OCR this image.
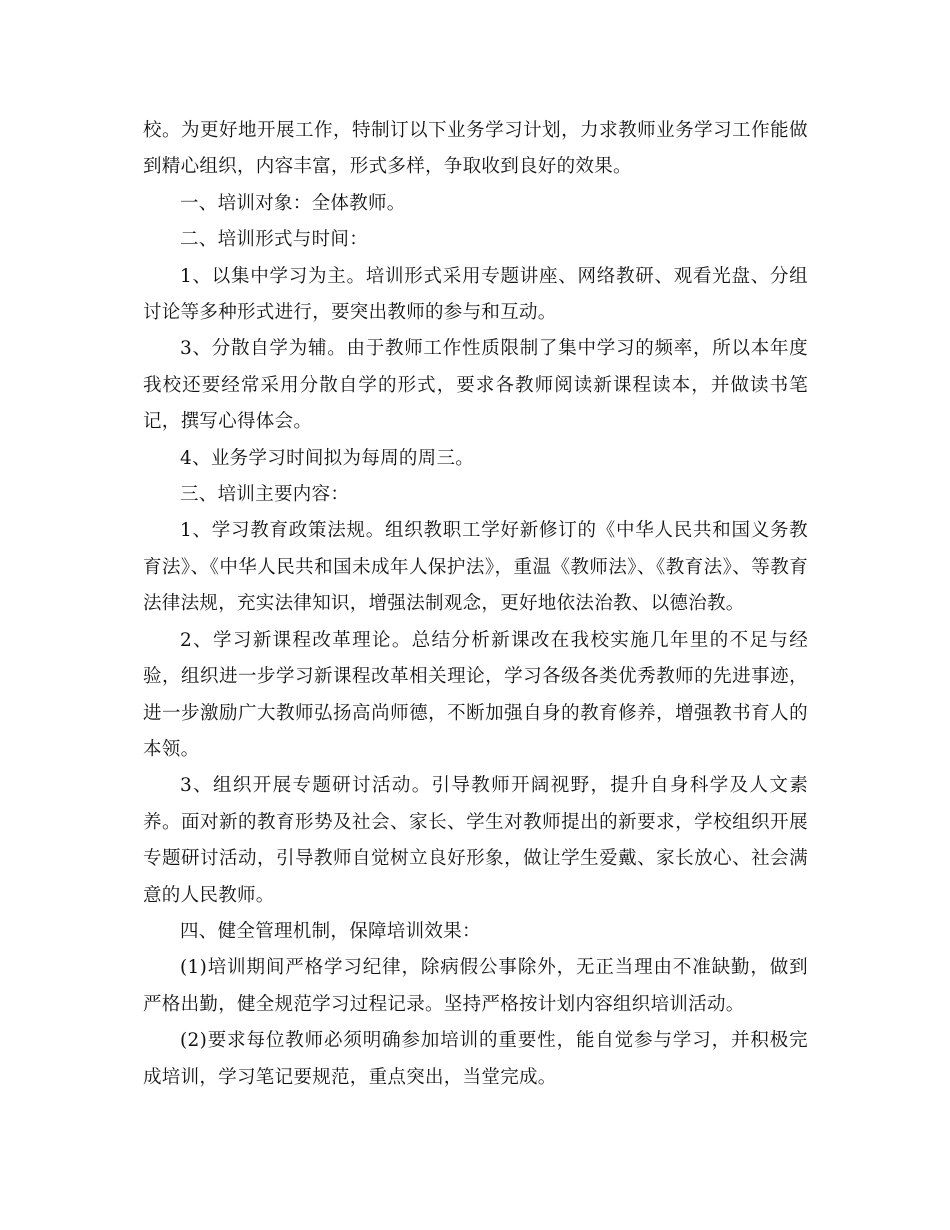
校。为更好地开展工作，特制订以下业务学习计划，力求教师业务学习工作能做到精心组织，内容丰富，形式多样，争取收到良好的效果。

一、培训对象：全体教师。

二、培训形式与时间：

1、以集中学习为主。培训形式采用专题讲座、网络教研、观看光盘、分组讨论等多种形式进行，要突出教师的参与和互动。

3、分散自学为辅。由于教师工作性质限制了集中学习的频率，所以本年度我校还要经常采用分散自学的形式，要求各教师阅读新课程读本，并做读书笔记，撰写心得体会。

4、业务学习时间拟为每周的周三。

三、培训主要内容：

1、学习教育政策法规。组织教职工学好新修订的《中华人民共和国义务教育法》、《中华人民共和国未成年人保护法》，重温《教师法》、《教育法》、等教育法律法规，充实法律知识，增强法制观念，更好地依法治教、以德治教。

2、学习新课程改革理论。总结分析新课改在我校实施几年里的不足与经验，组织进一步学习新课程改革相关理论，学习各级各类优秀教师的先进事迹，进一步激励广大教师弘扬高尚师德，不断加强自身的教育修养，增强教书育人的本领。

3、组织开展专题研讨活动。引导教师开阔视野，提升自身科学及人文素养。面对新的教育形势及社会、家长、学生对教师提出的新要求，学校组织开展专题研讨活动，引导教师自觉树立良好形象，做让学生爱戴、家长放心、社会满意的人民教师。

四、健全管理机制，保障培训效果：

(1)培训期间严格学习纪律，除病假公事除外，无正当理由不准缺勤，做到严格出勤，健全规范学习过程记录。坚持严格按计划内容组织培训活动。

(2)要求每位教师必须明确参加培训的重要性，能自觉参与学习，并积极完成培训，学习笔记要规范，重点突出，当堂完成。
